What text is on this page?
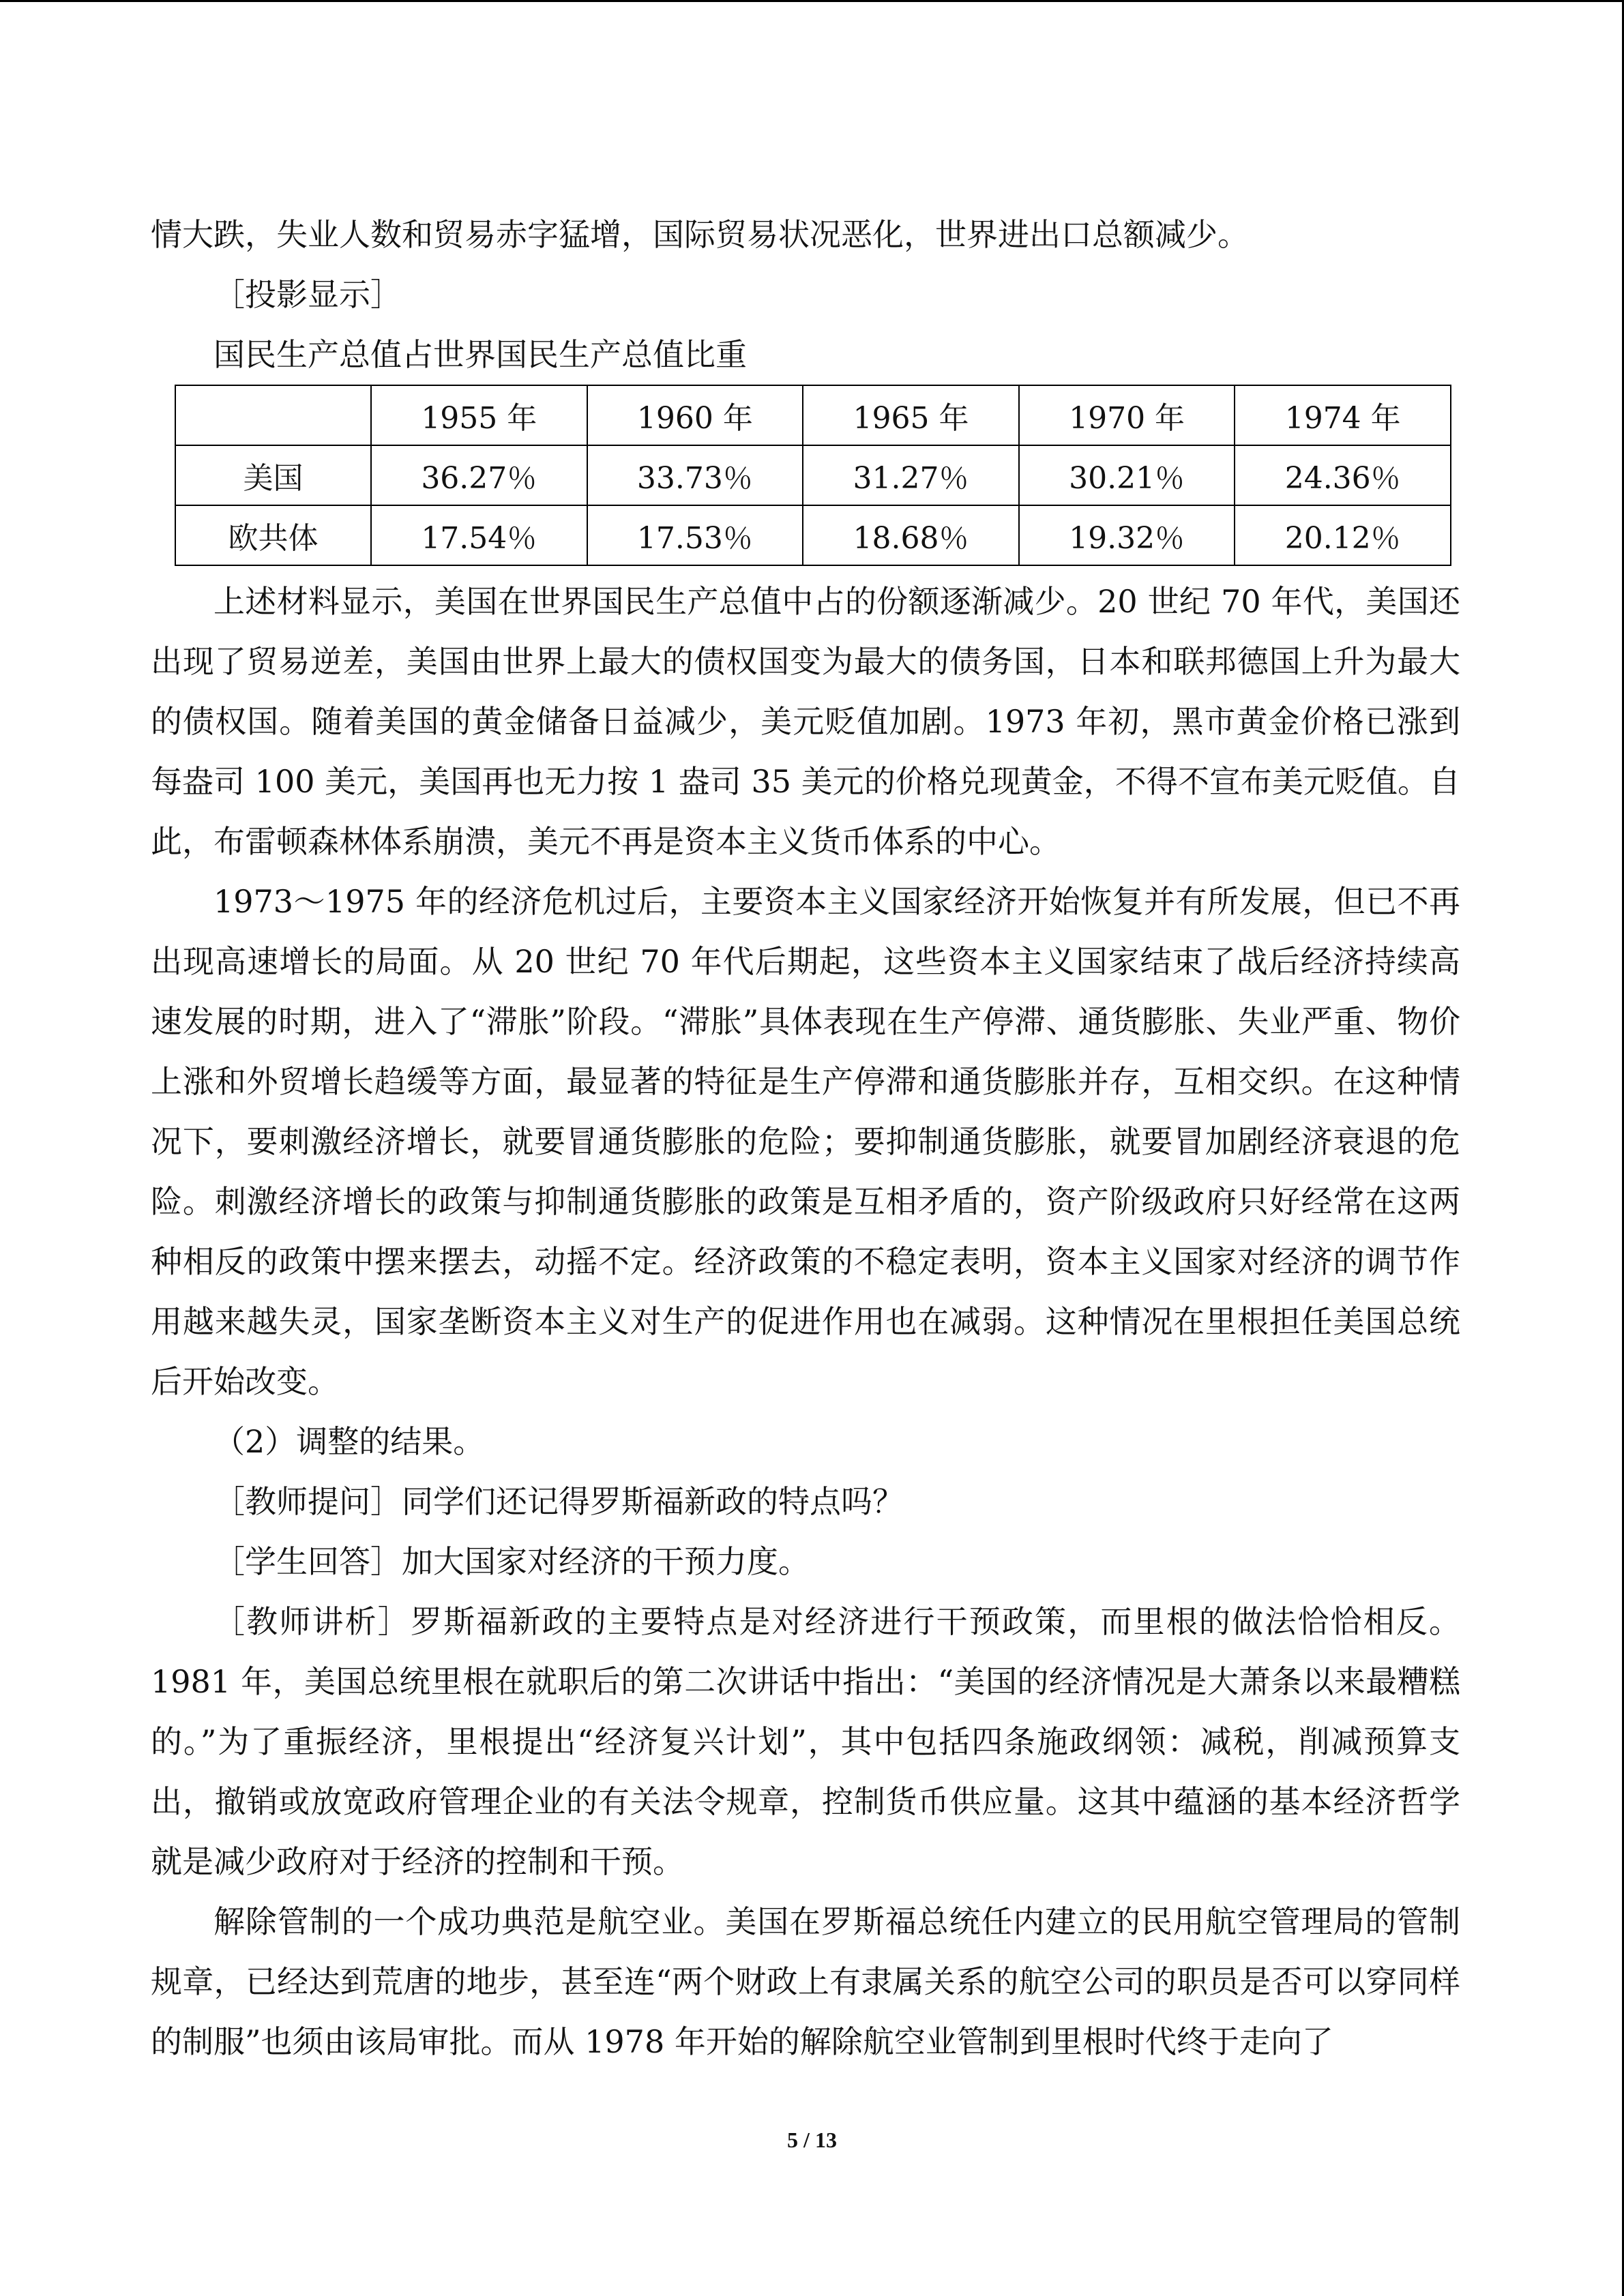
情大跌，失业人数和贸易赤字猛增，国际贸易状况恶化，世界进出口总额减少。

［投影显示］

国民生产总值占世界国民生产总值比重

	1955 年	1960 年	1965 年	1970 年	1974 年
美国	36.27％	33.73％	31.27％	30.21％	24.36％
欧共体	17.54％	17.53％	18.68％	19.32％	20.12％

上述材料显示，美国在世界国民生产总值中占的份额逐渐减少。20 世纪 70 年代，美国还出现了贸易逆差，美国由世界上最大的债权国变为最大的债务国，日本和联邦德国上升为最大的债权国。随着美国的黄金储备日益减少，美元贬值加剧。1973 年初，黑市黄金价格已涨到每盎司 100 美元，美国再也无力按 1 盎司 35 美元的价格兑现黄金，不得不宣布美元贬值。自此，布雷顿森林体系崩溃，美元不再是资本主义货币体系的中心。

1973～1975 年的经济危机过后，主要资本主义国家经济开始恢复并有所发展，但已不再出现高速增长的局面。从 20 世纪 70 年代后期起，这些资本主义国家结束了战后经济持续高速发展的时期，进入了“滞胀”阶段。“滞胀”具体表现在生产停滞、通货膨胀、失业严重、物价上涨和外贸增长趋缓等方面，最显著的特征是生产停滞和通货膨胀并存，互相交织。在这种情况下，要刺激经济增长，就要冒通货膨胀的危险；要抑制通货膨胀，就要冒加剧经济衰退的危险。刺激经济增长的政策与抑制通货膨胀的政策是互相矛盾的，资产阶级政府只好经常在这两种相反的政策中摆来摆去，动摇不定。经济政策的不稳定表明，资本主义国家对经济的调节作用越来越失灵，国家垄断资本主义对生产的促进作用也在减弱。这种情况在里根担任美国总统后开始改变。

（2）调整的结果。

［教师提问］同学们还记得罗斯福新政的特点吗？

［学生回答］加大国家对经济的干预力度。

［教师讲析］罗斯福新政的主要特点是对经济进行干预政策，而里根的做法恰恰相反。1981 年，美国总统里根在就职后的第二次讲话中指出：“美国的经济情况是大萧条以来最糟糕的。”为了重振经济，里根提出“经济复兴计划”，其中包括四条施政纲领：减税，削减预算支出，撤销或放宽政府管理企业的有关法令规章，控制货币供应量。这其中蕴涵的基本经济哲学就是减少政府对于经济的控制和干预。

解除管制的一个成功典范是航空业。美国在罗斯福总统任内建立的民用航空管理局的管制规章，已经达到荒唐的地步，甚至连“两个财政上有隶属关系的航空公司的职员是否可以穿同样的制服”也须由该局审批。而从 1978 年开始的解除航空业管制到里根时代终于走向了

5 / 13
